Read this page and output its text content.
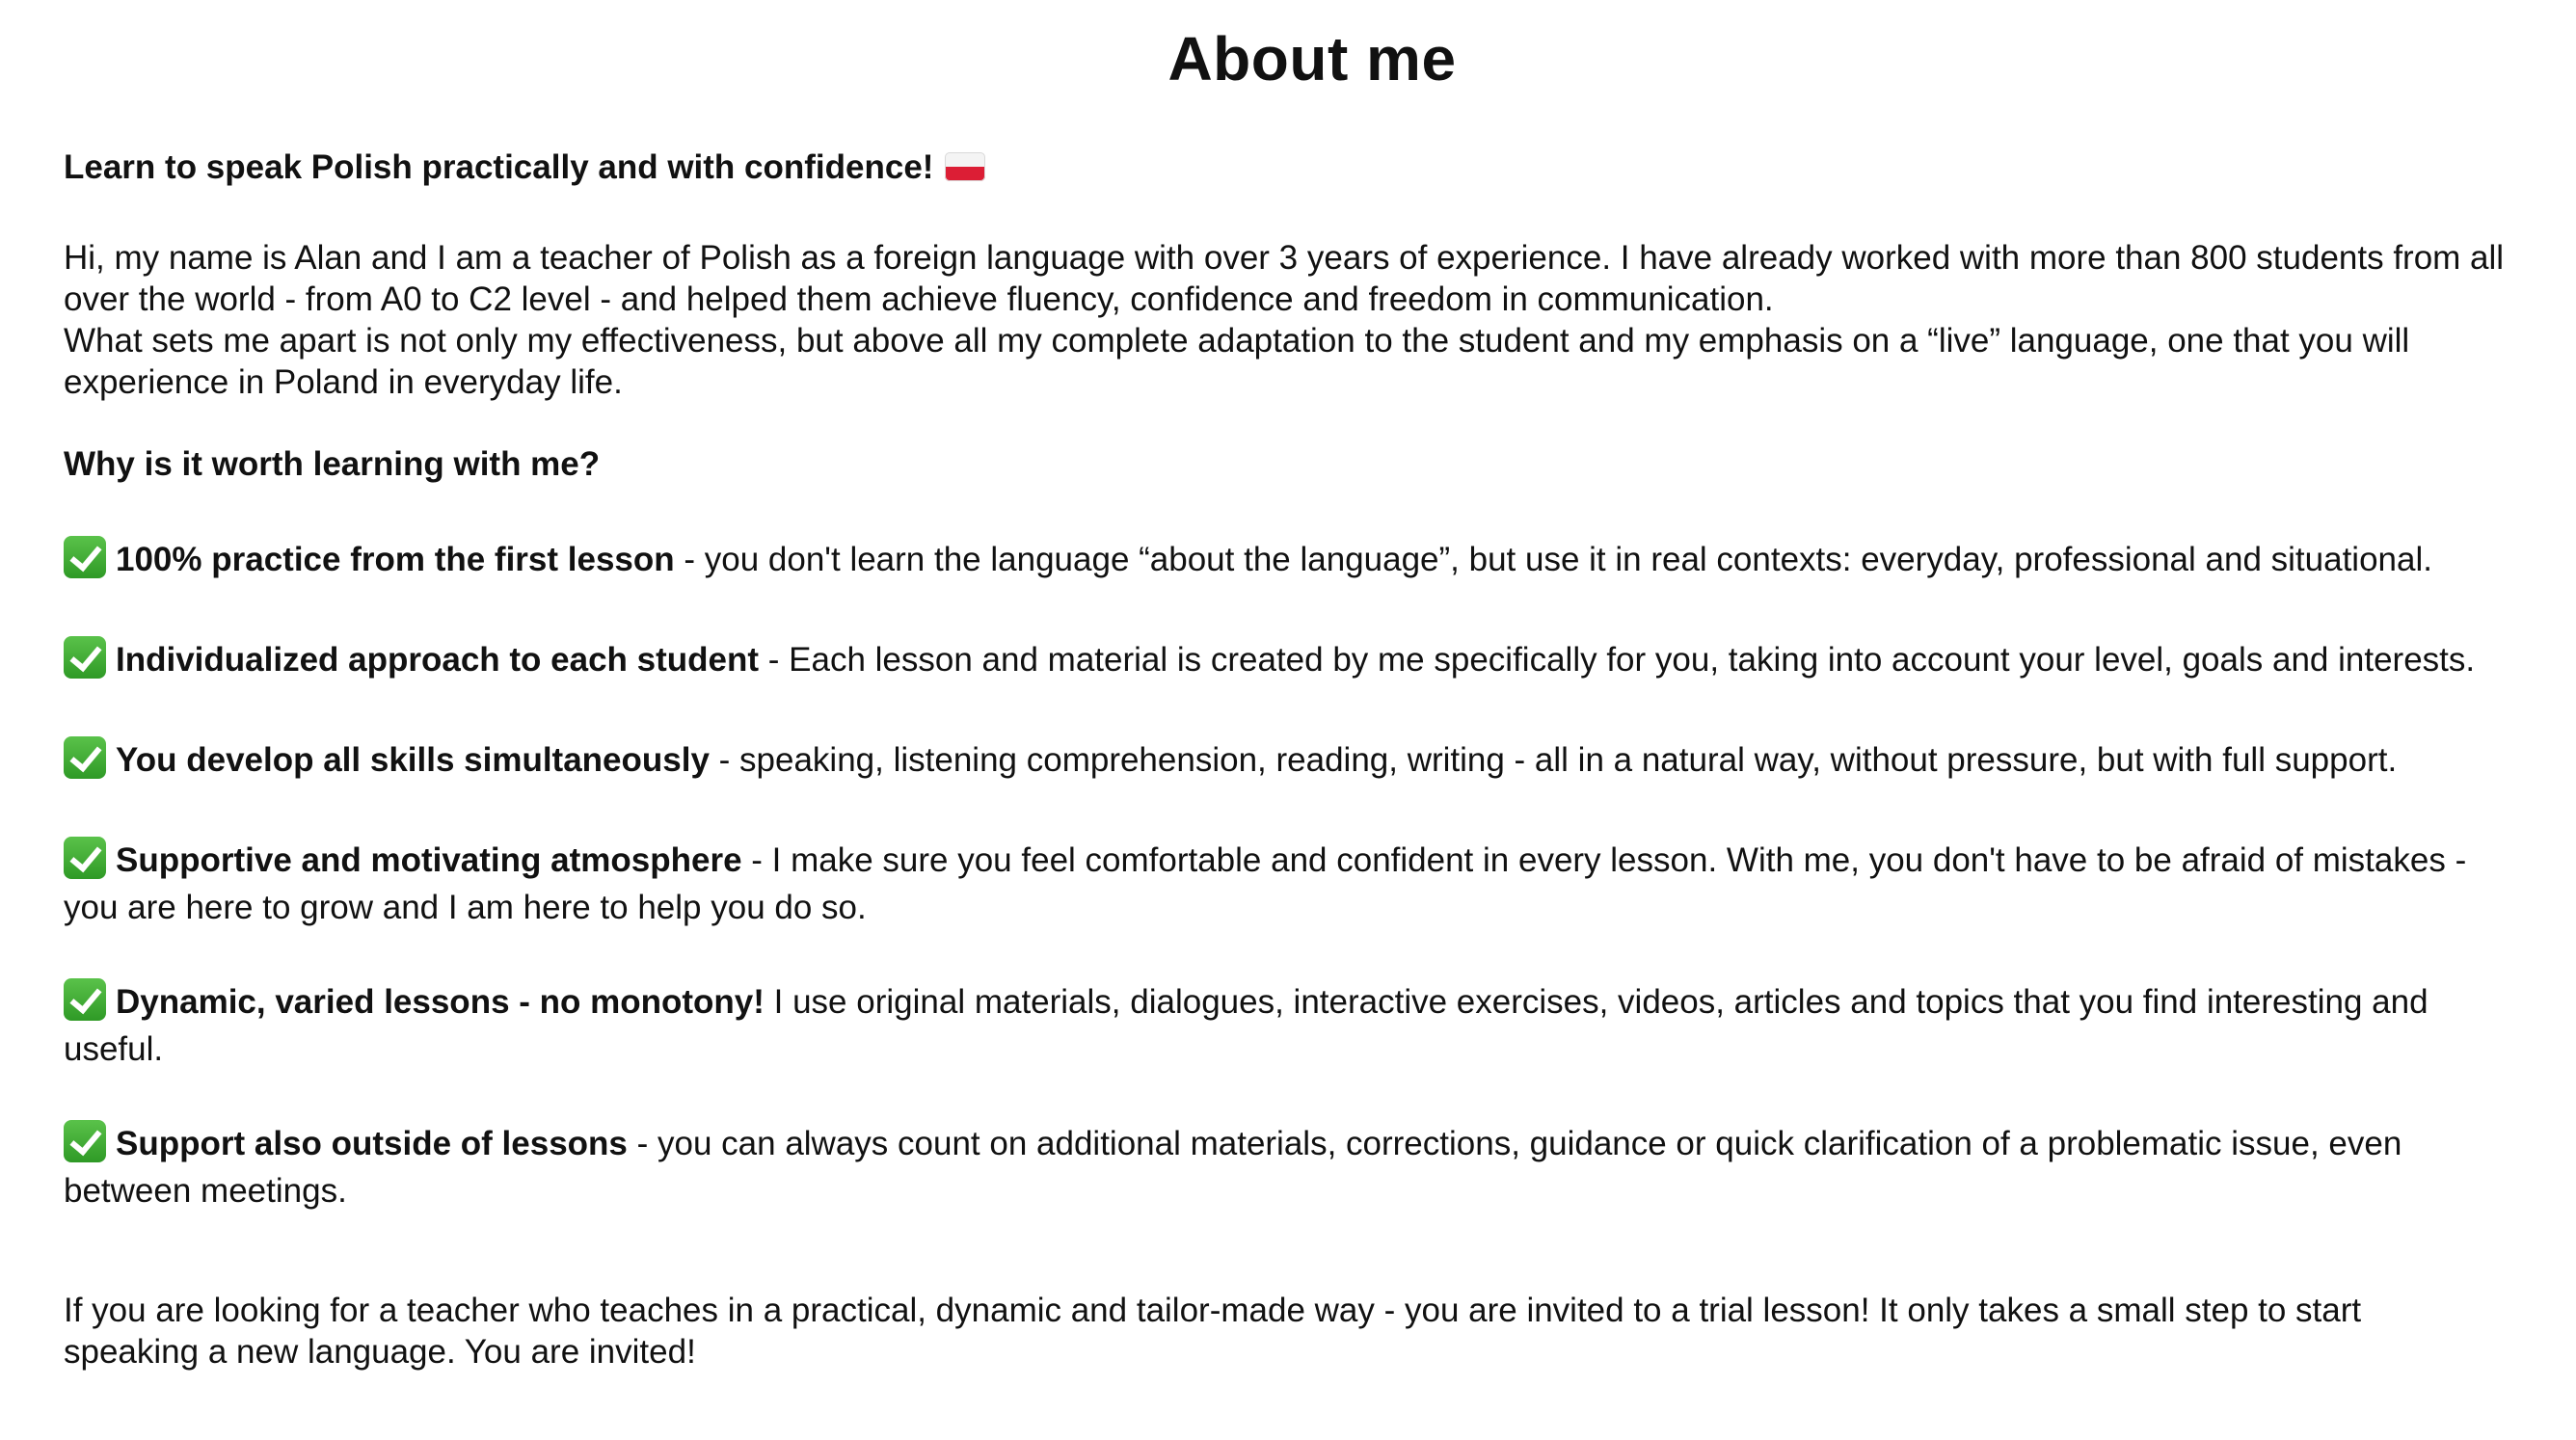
About me

Learn to speak Polish practically and with confidence!

Hi, my name is Alan and I am a teacher of Polish as a foreign language with over 3 years of experience. I have already worked with more than 800 students from all

over the world - from A0 to C2 level - and helped them achieve fluency, confidence and freedom in communication.

What sets me apart is not only my effectiveness, but above all my complete adaptation to the student and my emphasis on a “live” language, one that you will

experience in Poland in everyday life.

Why is it worth learning with me?

100% practice from the first lesson - you don't learn the language “about the language”, but use it in real contexts: everyday, professional and situational.

Individualized approach to each student - Each lesson and material is created by me specifically for you, taking into account your level, goals and interests.

You develop all skills simultaneously - speaking, listening comprehension, reading, writing - all in a natural way, without pressure, but with full support.

Supportive and motivating atmosphere - I make sure you feel comfortable and confident in every lesson. With me, you don't have to be afraid of mistakes -
you are here to grow and I am here to help you do so.

Dynamic, varied lessons - no monotony! I use original materials, dialogues, interactive exercises, videos, articles and topics that you find interesting and
useful.

Support also outside of lessons - you can always count on additional materials, corrections, guidance or quick clarification of a problematic issue, even
between meetings.

If you are looking for a teacher who teaches in a practical, dynamic and tailor-made way - you are invited to a trial lesson! It only takes a small step to start

speaking a new language. You are invited!
